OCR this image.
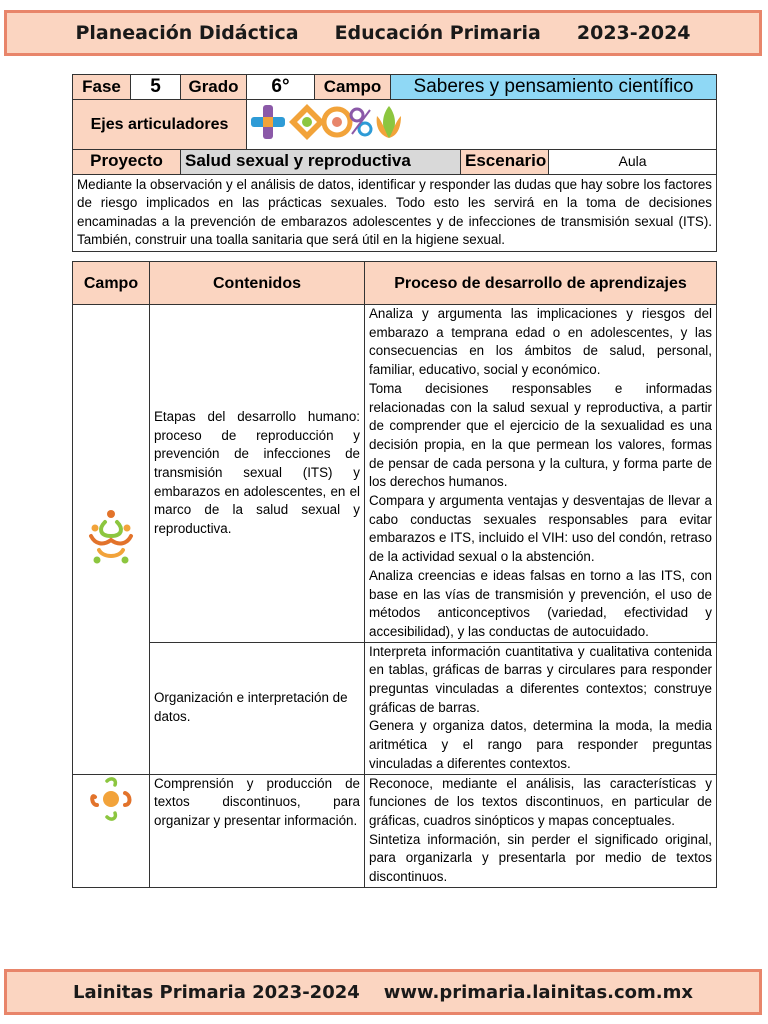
Planeación Didáctica Educación Primaria 2023-2024
Fase	5	Grado	6°	Campo	Saberes y pensamiento científico		
Ejes articuladores	
Proyecto		Salud sexual y reproductiva				Escenario	Aula
Mediante la observación y el análisis de datos, identificar y responder las dudas que hay sobre los factores de riesgo implicados en las prácticas sexuales. Todo esto les servirá en la toma de decisiones encaminadas a la prevención de embarazos adolescentes y de infecciones de transmisión sexual (ITS). También, construir una toalla sanitaria que será útil en la higiene sexual.							
Campo	Contenidos	Proceso de desarrollo de aprendizajes
	Etapas del desarrollo humano: proceso de reproducción y prevención de infecciones de transmisión sexual (ITS) y embarazos en adolescentes, en el marco de la salud sexual y reproductiva.	Analiza y argumenta las implicaciones y riesgos del embarazo a temprana edad o en adolescentes, y las consecuencias en los ámbitos de salud, personal, familiar, educativo, social y económico.

Toma decisiones responsables e informadas relacionadas con la salud sexual y reproductiva, a partir de comprender que el ejercicio de la sexualidad es una decisión propia, en la que permean los valores, formas de pensar de cada persona y la cultura, y forma parte de los derechos humanos.

Compara y argumenta ventajas y desventajas de llevar a cabo conductas sexuales responsables para evitar embarazos e ITS, incluido el VIH: uso del condón, retraso de la actividad sexual o la abstención.

Analiza creencias e ideas falsas en torno a las ITS, con base en las vías de transmisión y prevención, el uso de métodos anticonceptivos (variedad, efectividad y accesibilidad), y las conductas de autocuidado.

	Organización e interpretación de datos.	Interpreta información cuantitativa y cualitativa contenida en tablas, gráficas de barras y circulares para responder preguntas vinculadas a diferentes contextos; construye gráficas de barras.

Genera y organiza datos, determina la moda, la media aritmética y el rango para responder preguntas vinculadas a diferentes contextos.

	Comprensión y producción de textos discontinuos, para organizar y presentar información.	Reconoce, mediante el análisis, las características y funciones de los textos discontinuos, en particular de gráficas, cuadros sinópticos y mapas conceptuales.

Sintetiza información, sin perder el significado original, para organizarla y presentarla por medio de textos discontinuos.

Lainitas Primaria 2023-2024 www.primaria.lainitas.com.mx
